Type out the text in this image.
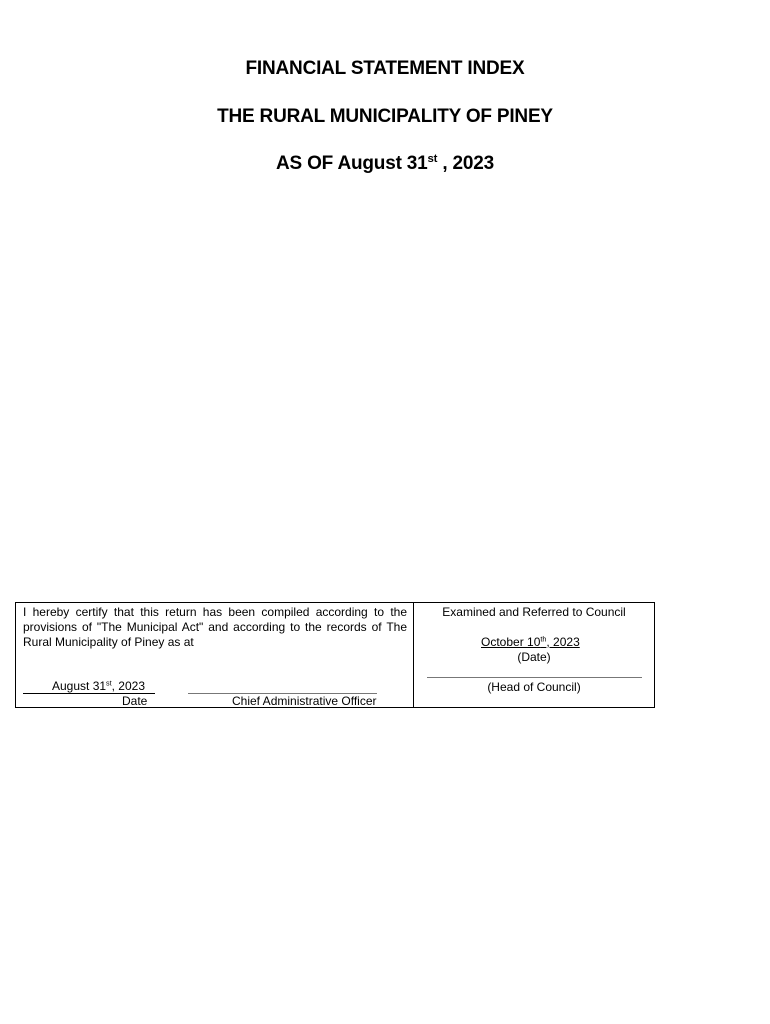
FINANCIAL STATEMENT INDEX
THE RURAL MUNICIPALITY OF PINEY
AS OF August 31st , 2023
I hereby certify that this return has been compiled according to the provisions of "The Municipal Act" and according to the records of The Rural Municipality of Piney as at
August 31st, 2023
Date	Chief Administrative Officer
Examined and Referred to Council
October 10th, 2023
(Date)
(Head of Council)
